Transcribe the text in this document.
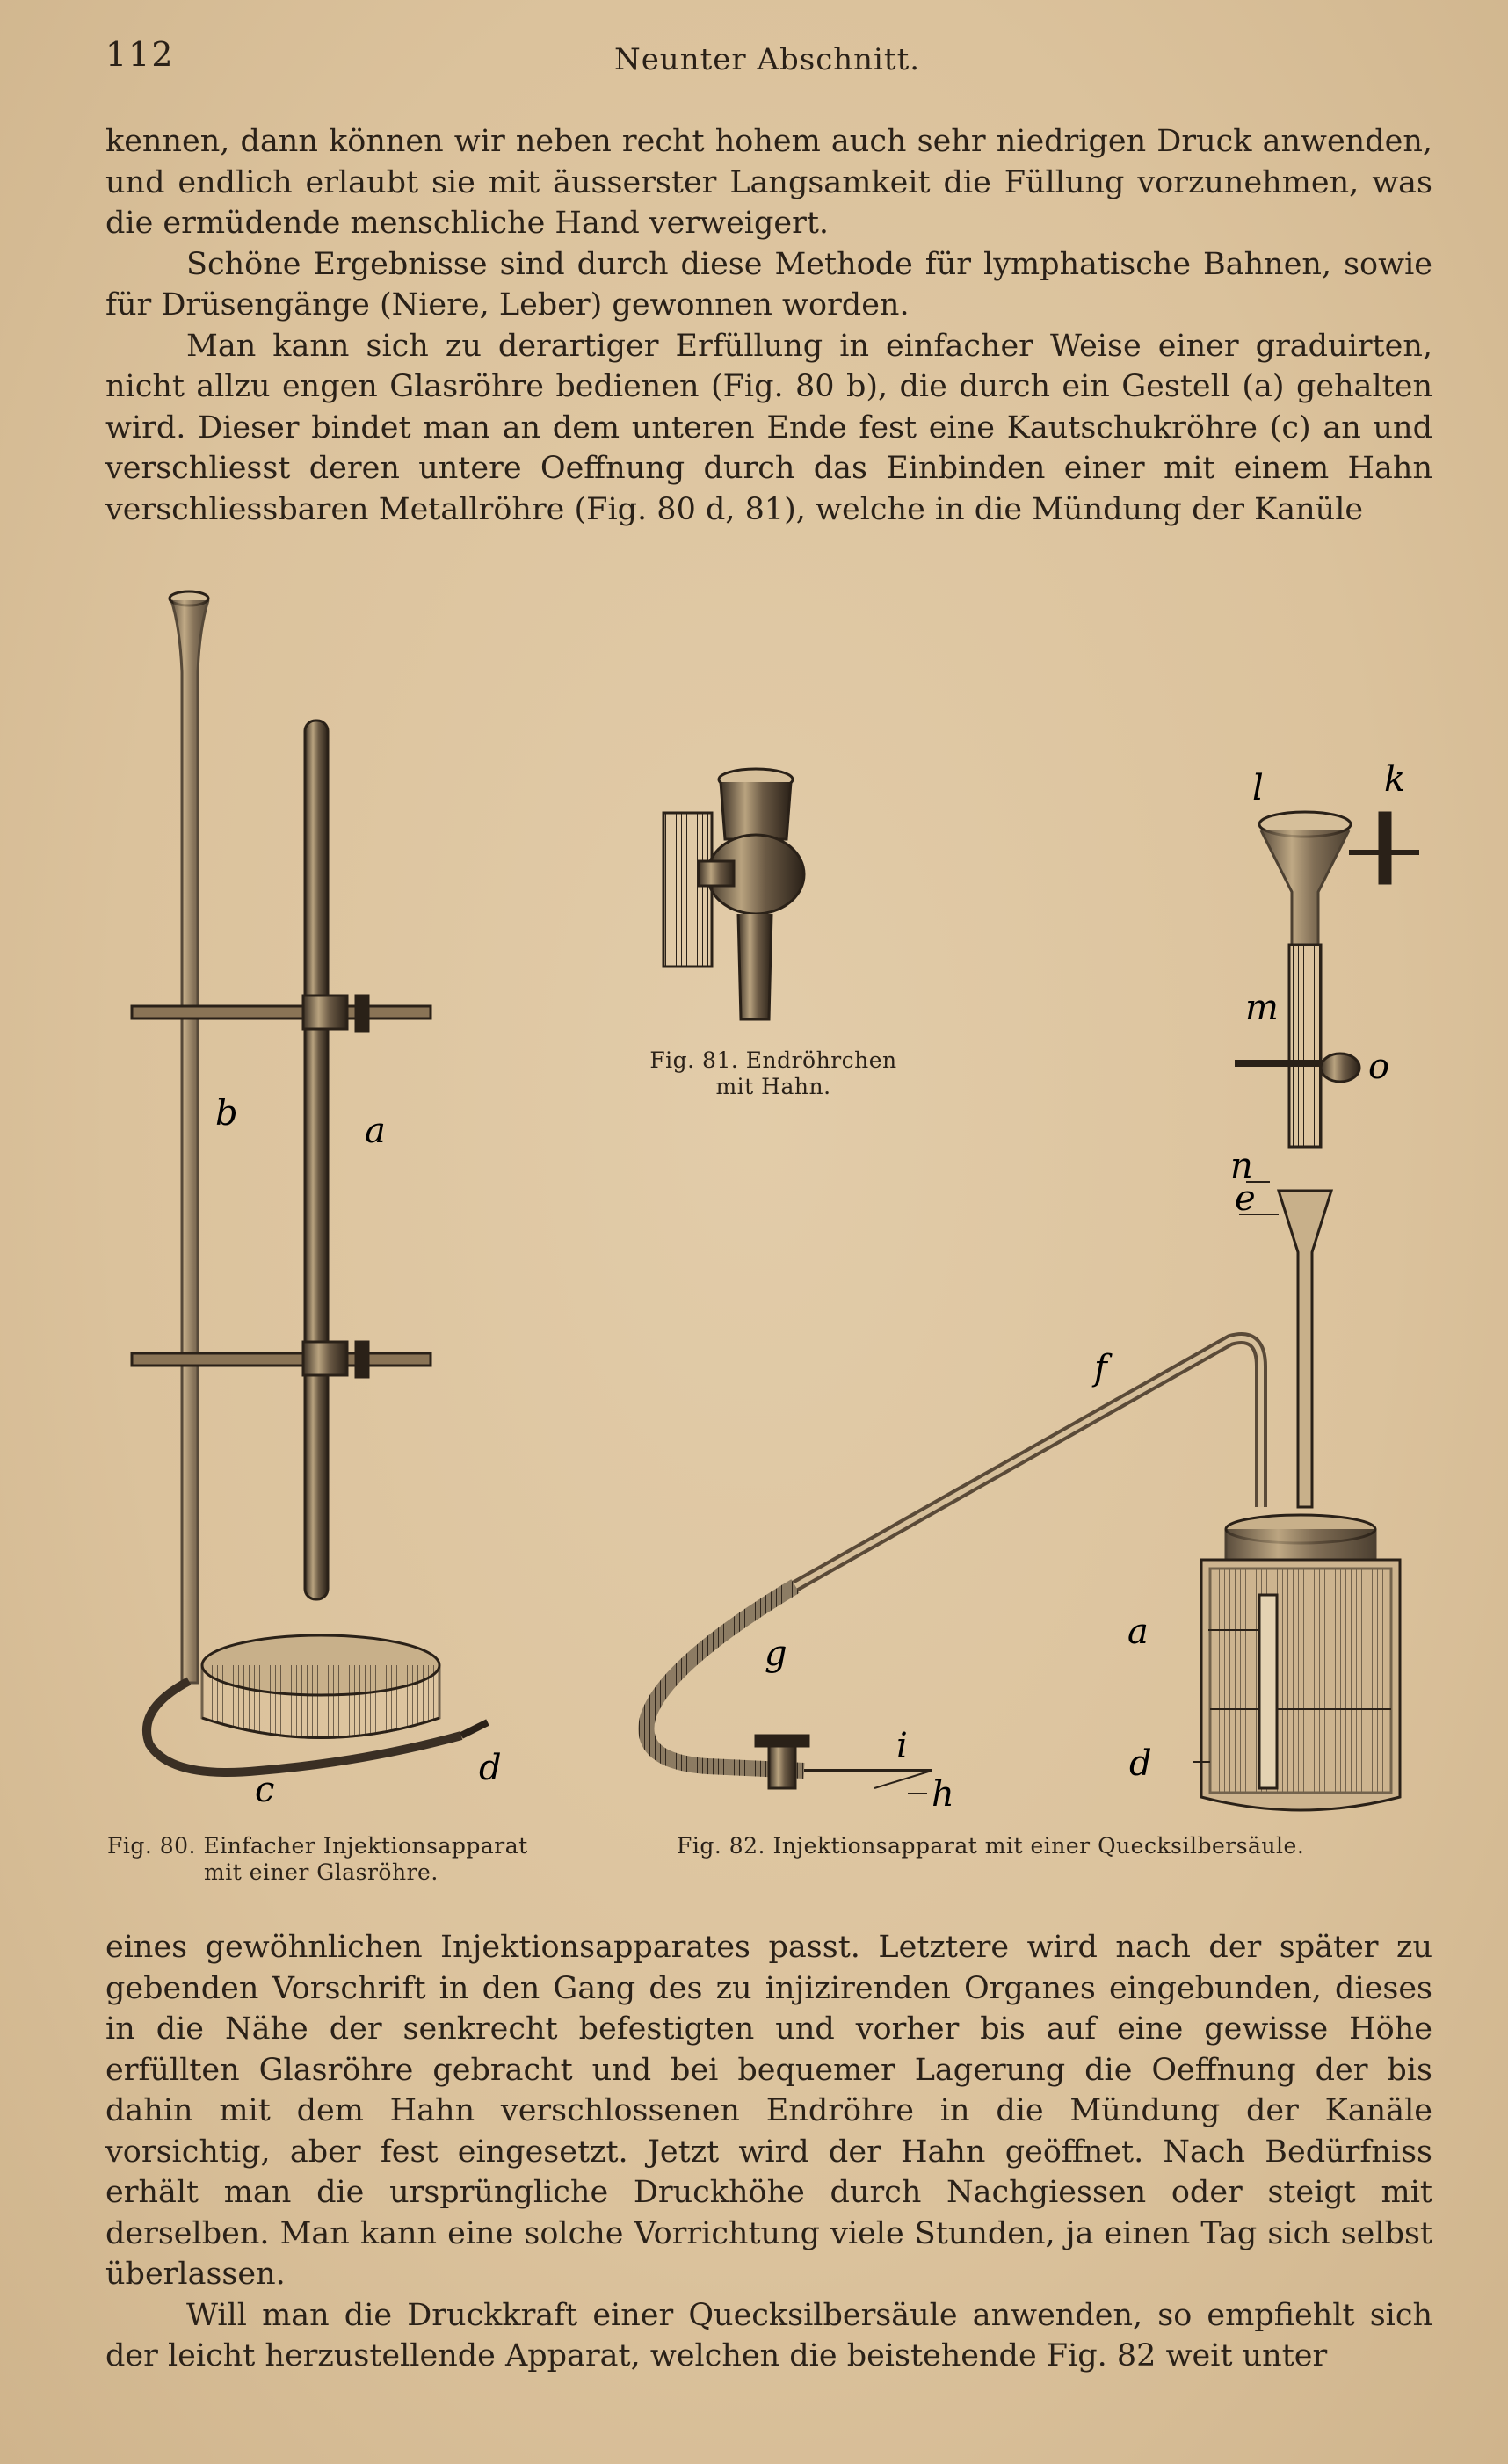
112	Neunter Abschnitt.

kennen, dann können wir neben recht hohem auch sehr niedrigen Druck anwenden, und endlich erlaubt sie mit äusserster Langsamkeit die Füllung vorzunehmen, was die ermüdende menschliche Hand verweigert.

Schöne Ergebnisse sind durch diese Methode für lymphatische Bahnen, sowie für Drüsengänge (Niere, Leber) gewonnen worden.

Man kann sich zu derartiger Erfüllung in einfacher Weise einer graduirten, nicht allzu engen Glasröhre bedienen (Fig. 80 b), die durch ein Gestell (a) gehalten wird. Dieser bindet man an dem unteren Ende fest eine Kautschukröhre (c) an und verschliesst deren untere Oeffnung durch das Einbinden einer mit einem Hahn verschliessbaren Metallröhre (Fig. 80 d, 81), welche in die Mündung der Kanüle

b	a
c
d
l	k
m
o
n
e
f
g
i
h
a
d
Fig. 80. Einfacher Injektionsapparat
mit einer Glasröhre.
Fig. 81. Endröhrchen
mit Hahn.
Fig. 82. Injektionsapparat mit einer Quecksilbersäule.

eines gewöhnlichen Injektionsapparates passt. Letztere wird nach der später zu gebenden Vorschrift in den Gang des zu injizirenden Organes eingebunden, dieses in die Nähe der senkrecht befestigten und vorher bis auf eine gewisse Höhe erfüllten Glasröhre gebracht und bei bequemer Lagerung die Oeffnung der bis dahin mit dem Hahn verschlossenen Endröhre in die Mündung der Kanäle vorsichtig, aber fest eingesetzt. Jetzt wird der Hahn geöffnet. Nach Bedürfniss erhält man die ursprüngliche Druckhöhe durch Nachgiessen oder steigt mit derselben. Man kann eine solche Vorrichtung viele Stunden, ja einen Tag sich selbst überlassen.

Will man die Druckkraft einer Quecksilbersäule anwenden, so empfiehlt sich der leicht herzustellende Apparat, welchen die beistehende Fig. 82 weit unter
